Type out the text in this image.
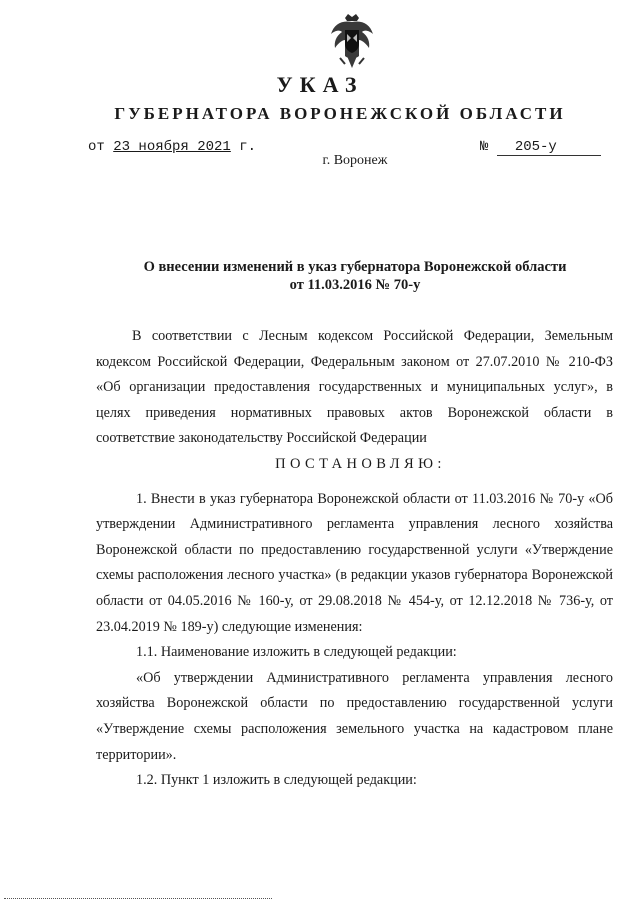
УКАЗ
ГУБЕРНАТОРА ВОРОНЕЖСКОЙ ОБЛАСТИ
от 23 ноября 2021 г.	№ 205-у
г. Воронеж
О внесении изменений в указ губернатора Воронежской области
от 11.03.2016 № 70-у

В соответствии с Лесным кодексом Российской Федерации, Земельным кодексом Российской Федерации, Федеральным законом от 27.07.2010 № 210-ФЗ «Об организации предоставления государственных и муниципальных услуг», в целях приведения нормативных правовых актов Воронежской области в соответствие законодательству Российской Федерации

ПОСТАНОВЛЯЮ:

1. Внести в указ губернатора Воронежской области от 11.03.2016 № 70-у «Об утверждении Административного регламента управления лесного хозяйства Воронежской области по предоставлению государственной услуги «Утверждение схемы расположения лесного участка» (в редакции указов губернатора Воронежской области от 04.05.2016 № 160-у, от 29.08.2018 № 454-у, от 12.12.2018 № 736-у, от 23.04.2019 № 189-у) следующие изменения:

1.1. Наименование изложить в следующей редакции:

«Об утверждении Административного регламента управления лесного хозяйства Воронежской области по предоставлению государственной услуги «Утверждение схемы расположения земельного участка на кадастровом плане территории».

1.2. Пункт 1 изложить в следующей редакции:
